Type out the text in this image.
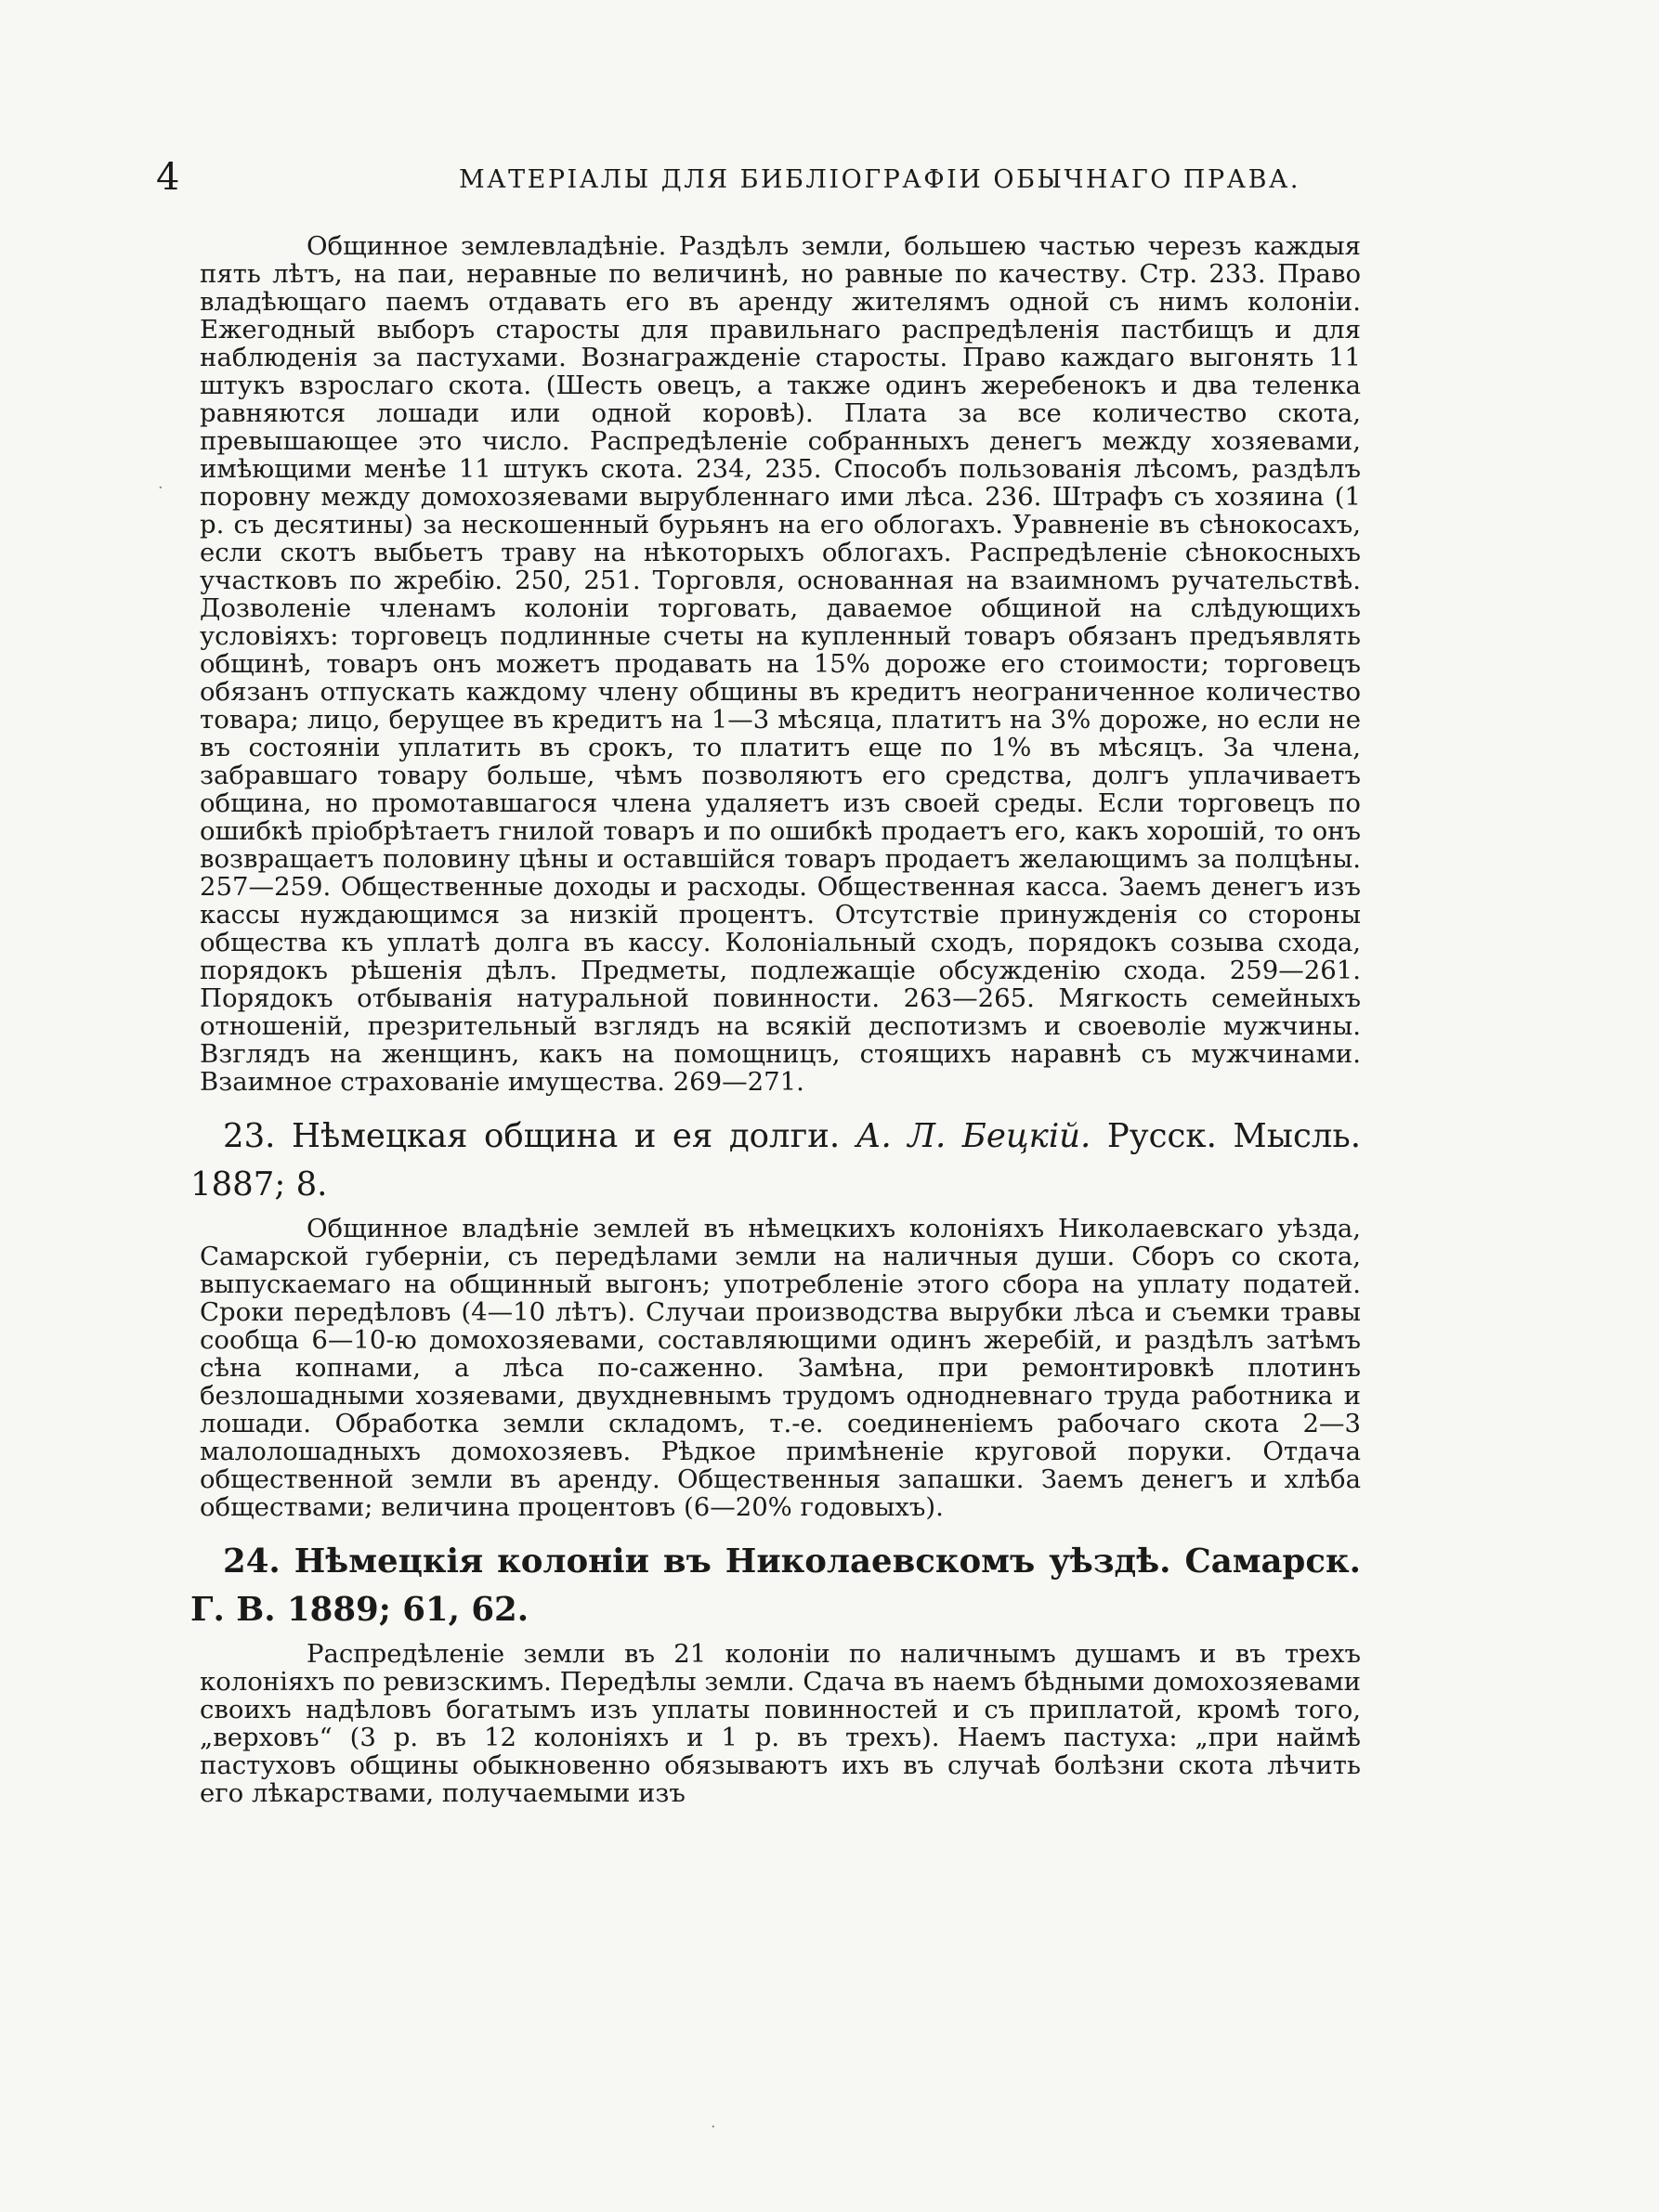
4	МАТЕРІАЛЫ ДЛЯ БИБЛІОГРАФІИ ОБЫЧНАГО ПРАВА.

Общинное землевладѣніе. Раздѣлъ земли, большею частью черезъ каждыя пять лѣтъ, на паи, неравные по величинѣ, но равные по качеству. Стр. 233. Право владѣющаго паемъ отдавать его въ аренду жителямъ одной съ нимъ колоніи. Ежегодный выборъ старосты для правильнаго распредѣленія пастбищъ и для наблюденія за пастухами. Вознагражденіе старосты. Право каждаго выгонять 11 штукъ взрослаго скота. (Шесть овецъ, а также одинъ жеребенокъ и два теленка равняются лошади или одной коровѣ). Плата за все количество скота, превышающее это число. Распредѣленіе собранныхъ денегъ между хозяевами, имѣющими менѣе 11 штукъ скота. 234, 235. Способъ пользованія лѣсомъ, раздѣлъ поровну между домохозяевами вырубленнаго ими лѣса. 236. Штрафъ съ хозяина (1 р. съ десятины) за нескошенный бурьянъ на его облогахъ. Уравненіе въ сѣнокосахъ, если скотъ выбьетъ траву на нѣкоторыхъ облогахъ. Распредѣленіе сѣнокосныхъ участковъ по жребію. 250, 251. Торговля, основанная на взаимномъ ручательствѣ. Дозволеніе членамъ колоніи торговать, даваемое общиной на слѣдующихъ условіяхъ: торговецъ подлинные счеты на купленный товаръ обязанъ предъявлять общинѣ, товаръ онъ можетъ продавать на 15% дороже его стоимости; торговецъ обязанъ отпускать каждому члену общины въ кредитъ неограниченное количество товара; лицо, берущее въ кредитъ на 1—3 мѣсяца, платитъ на 3% дороже, но если не въ состояніи уплатить въ срокъ, то платитъ еще по 1% въ мѣсяцъ. За члена, забравшаго товару больше, чѣмъ позволяютъ его средства, долгъ уплачиваетъ община, но промотавшагося члена удаляетъ изъ своей среды. Если торговецъ по ошибкѣ пріобрѣтаетъ гнилой товаръ и по ошибкѣ продаетъ его, какъ хорошій, то онъ возвращаетъ половину цѣны и оставшійся товаръ продаетъ желающимъ за полцѣны. 257—259. Общественные доходы и расходы. Общественная касса. Заемъ денегъ изъ кассы нуждающимся за низкій процентъ. Отсутствіе принужденія со стороны общества къ уплатѣ долга въ кассу. Колоніальный сходъ, порядокъ созыва схода, порядокъ рѣшенія дѣлъ. Предметы, подлежащіе обсужденію схода. 259—261. Порядокъ отбыванія натуральной повинности. 263—265. Мягкость семейныхъ отношеній, презрительный взглядъ на всякій деспотизмъ и своеволіе мужчины. Взглядъ на женщинъ, какъ на помощницъ, стоящихъ наравнѣ съ мужчинами. Взаимное страхованіе имущества. 269—271.

23. Нѣмецкая община и ея долги. А. Л. Бецкій. Русск. Мысль. 1887; 8.

Общинное владѣніе землей въ нѣмецкихъ колоніяхъ Николаевскаго уѣзда, Самарской губерніи, съ передѣлами земли на наличныя души. Сборъ со скота, выпускаемаго на общинный выгонъ; употребленіе этого сбора на уплату податей. Сроки передѣловъ (4—10 лѣтъ). Случаи производства вырубки лѣса и съемки травы сообща 6—10-ю домохозяевами, составляющими одинъ жеребій, и раздѣлъ затѣмъ сѣна копнами, а лѣса по-саженно. Замѣна, при ремонтировкѣ плотинъ безлошадными хозяевами, двухдневнымъ трудомъ однодневнаго труда работника и лошади. Обработка земли складомъ, т.-е. соединеніемъ рабочаго скота 2—3 малолошадныхъ домохозяевъ. Рѣдкое примѣненіе круговой поруки. Отдача общественной земли въ аренду. Общественныя запашки. Заемъ денегъ и хлѣба обществами; величина процентовъ (6—20% годовыхъ).

24. Нѣмецкія колоніи въ Николаевскомъ уѣздѣ. Самарск. Г. В. 1889; 61, 62.

Распредѣленіе земли въ 21 колоніи по наличнымъ душамъ и въ трехъ колоніяхъ по ревизскимъ. Передѣлы земли. Сдача въ наемъ бѣдными домохозяевами своихъ надѣловъ богатымъ изъ уплаты повинностей и съ приплатой, кромѣ того, „верховъ“ (3 р. въ 12 колоніяхъ и 1 р. въ трехъ). Наемъ пастуха: „при наймѣ пастуховъ общины обыкновенно обязываютъ ихъ въ случаѣ болѣзни скота лѣчить его лѣкарствами, получаемыми изъ

·
·
